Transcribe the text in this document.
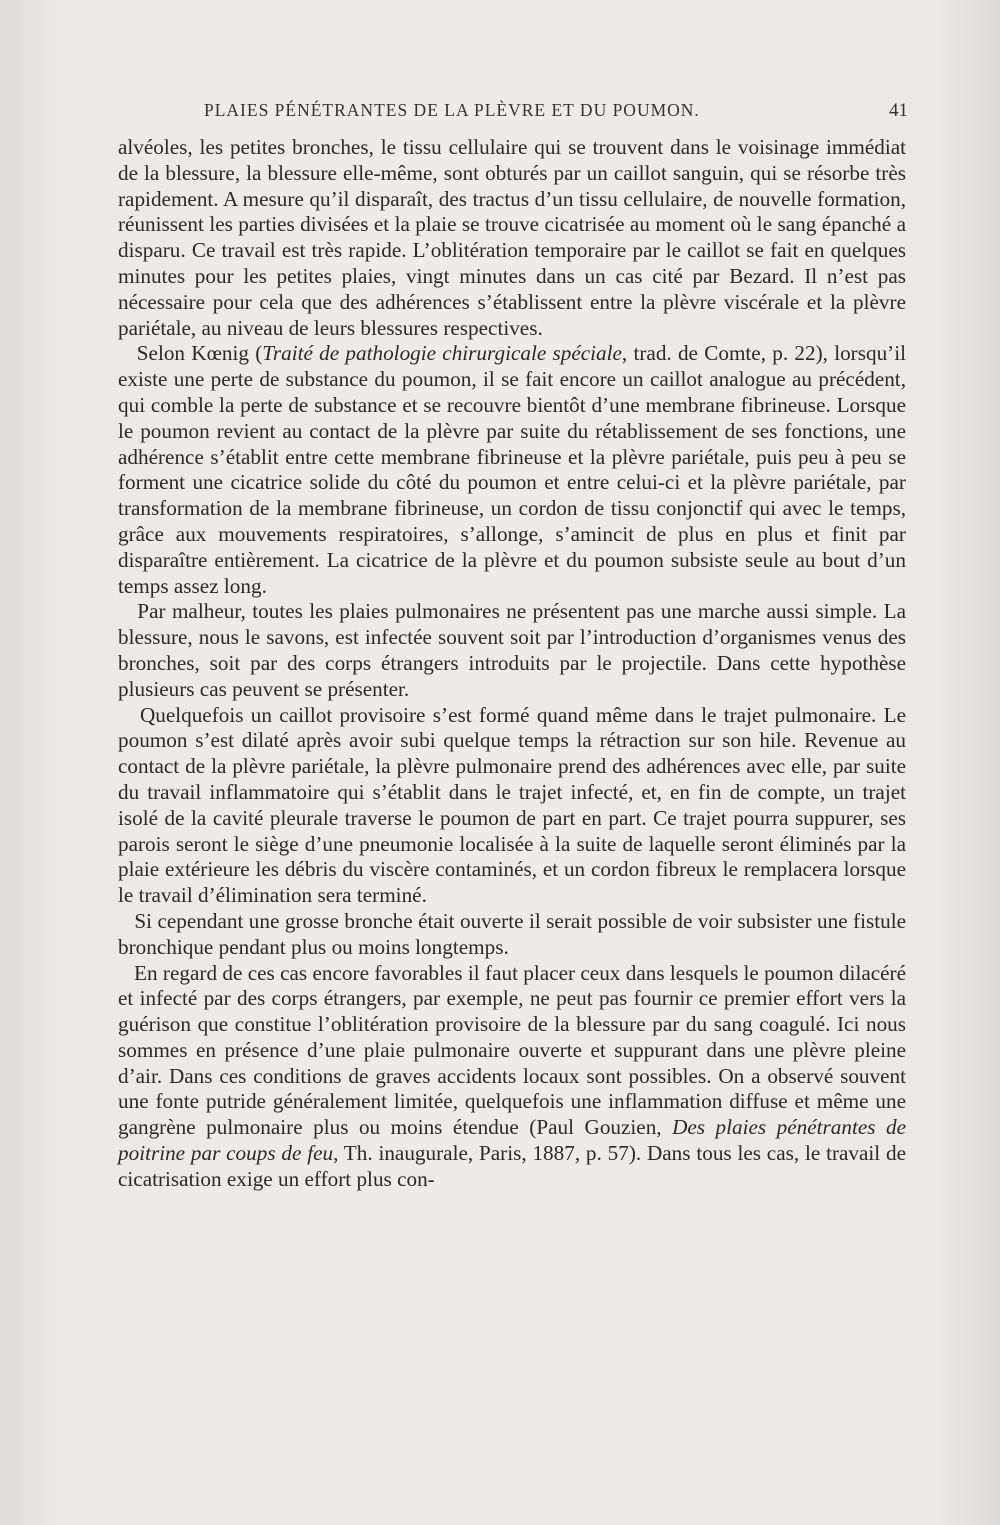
PLAIES PÉNÉTRANTES DE LA PLÈVRE ET DU POUMON.	41

alvéoles, les petites bronches, le tissu cellulaire qui se trouvent dans le voisinage immédiat de la blessure, la blessure elle-même, sont obturés par un caillot sanguin, qui se résorbe très rapidement. A mesure qu’il disparaît, des tractus d’un tissu cellulaire, de nouvelle formation, réunissent les parties divisées et la plaie se trouve cicatrisée au moment où le sang épanché a disparu. Ce travail est très rapide. L’oblitération temporaire par le caillot se fait en quelques minutes pour les petites plaies, vingt minutes dans un cas cité par Bezard. Il n’est pas nécessaire pour cela que des adhérences s’établissent entre la plèvre viscérale et la plèvre pariétale, au niveau de leurs blessures respectives.

Selon Kœnig (Traité de pathologie chirurgicale spéciale, trad. de Comte, p. 22), lorsqu’il existe une perte de substance du poumon, il se fait encore un caillot analogue au précédent, qui comble la perte de substance et se recouvre bientôt d’une membrane fibrineuse. Lorsque le poumon revient au contact de la plèvre par suite du rétablissement de ses fonctions, une adhérence s’établit entre cette membrane fibrineuse et la plèvre pariétale, puis peu à peu se forment une cicatrice solide du côté du poumon et entre celui-ci et la plèvre pariétale, par transformation de la membrane fibrineuse, un cordon de tissu conjonctif qui avec le temps, grâce aux mouvements respiratoires, s’allonge, s’amincit de plus en plus et finit par disparaître entièrement. La cicatrice de la plèvre et du poumon subsiste seule au bout d’un temps assez long.

Par malheur, toutes les plaies pulmonaires ne présentent pas une marche aussi simple. La blessure, nous le savons, est infectée souvent soit par l’introduction d’organismes venus des bronches, soit par des corps étrangers introduits par le projectile. Dans cette hypothèse plusieurs cas peuvent se présenter.

Quelquefois un caillot provisoire s’est formé quand même dans le trajet pulmonaire. Le poumon s’est dilaté après avoir subi quelque temps la rétraction sur son hile. Revenue au contact de la plèvre pariétale, la plèvre pulmonaire prend des adhérences avec elle, par suite du travail inflammatoire qui s’établit dans le trajet infecté, et, en fin de compte, un trajet isolé de la cavité pleurale traverse le poumon de part en part. Ce trajet pourra suppurer, ses parois seront le siège d’une pneumonie localisée à la suite de laquelle seront éliminés par la plaie extérieure les débris du viscère contaminés, et un cordon fibreux le remplacera lorsque le travail d’élimination sera terminé.

Si cependant une grosse bronche était ouverte il serait possible de voir subsister une fistule bronchique pendant plus ou moins longtemps.

En regard de ces cas encore favorables il faut placer ceux dans lesquels le poumon dilacéré et infecté par des corps étrangers, par exemple, ne peut pas fournir ce premier effort vers la guérison que constitue l’oblitération provisoire de la blessure par du sang coagulé. Ici nous sommes en présence d’une plaie pulmonaire ouverte et suppurant dans une plèvre pleine d’air. Dans ces conditions de graves accidents locaux sont possibles. On a observé souvent une fonte putride généralement limitée, quelquefois une inflammation diffuse et même une gangrène pulmonaire plus ou moins étendue (Paul Gouzien, Des plaies pénétrantes de poitrine par coups de feu, Th. inaugurale, Paris, 1887, p. 57). Dans tous les cas, le travail de cicatrisation exige un effort plus con-
